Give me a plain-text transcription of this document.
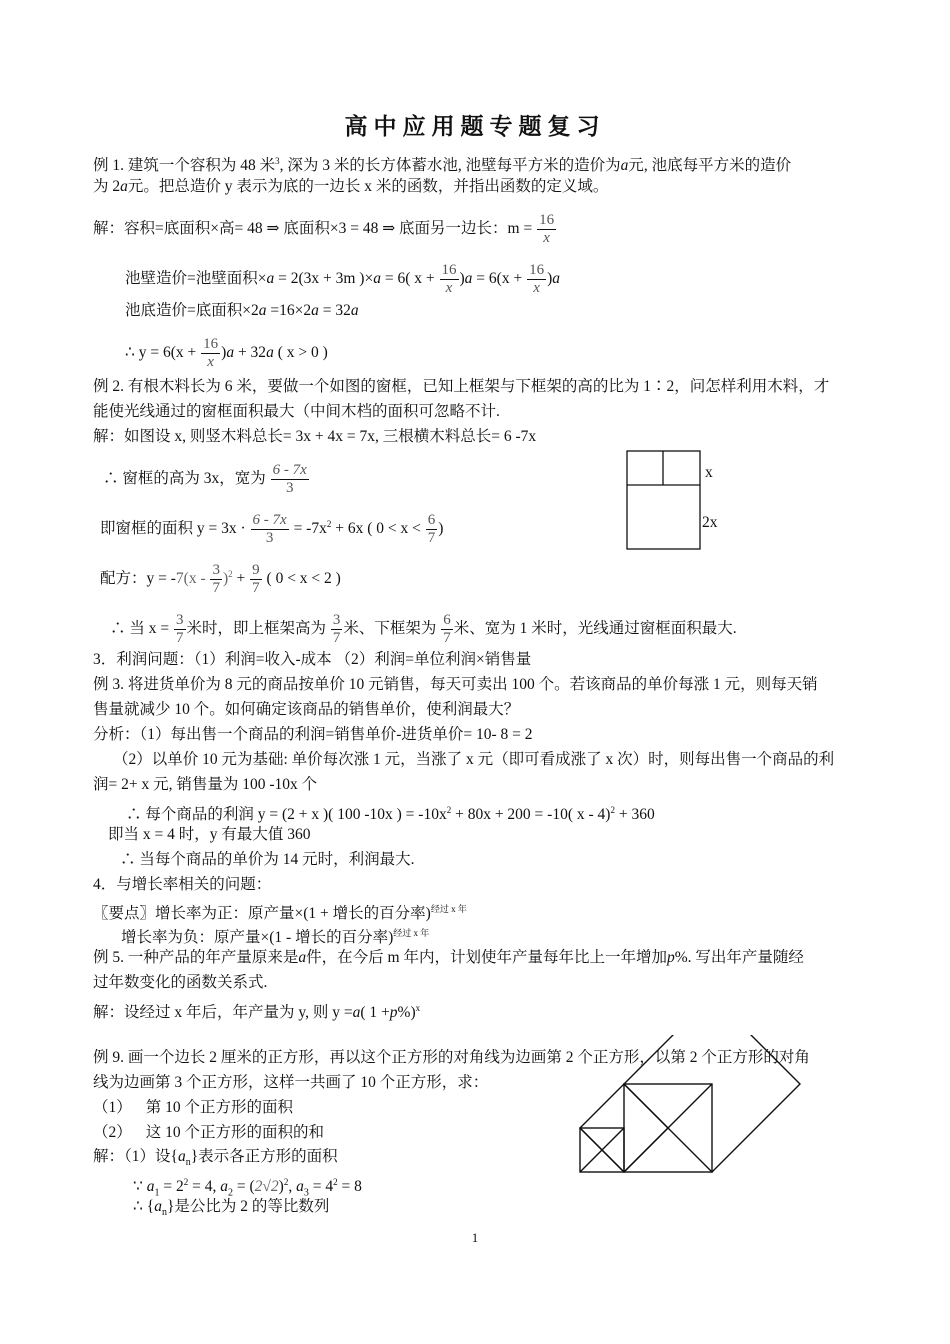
高中应用题专题复习
例 1. 建筑一个容积为 48 米$^3$, 深为 3 米的长方体蓄水池, 池壁每平方米的造价为a元, 池底每平方米的造价
为 2a元。把总造价 y 表示为底的一边长 x 米的函数，并指出函数的定义域。
解：容积=底面积×高= 48 ⇒ 底面积×3 = 48 ⇒ 底面另一边长：$m = \frac{16}{x}$
池壁造价=池壁面积×a = 2(3x + 3m )×a = 6( $x + \frac{16}{x} )a = 6(x + \frac{16}{x} )a$
池底造价=底面积×2a =16×2a = 32a
∴ $y = 6(x + \frac{16}{x} )a + 32a$ ( x > 0 )
例 2. 有根木料长为 6 米，要做一个如图的窗框，已知上框架与下框架的高的比为 1∶2，问怎样利用木料，才
能使光线通过的窗框面积最大（中间木档的面积可忽略不计.
解：如图设 x, 则竖木料总长= 3x + 4x = 7x, 三根横木料总长= 6 -7x
∴ 窗框的高为 3x，宽为 $\frac{6 - 7x}{3}$
即窗框的面积 $y = 3x \cdot \frac{6 - 7x}{3} = -7x^2 + 6x$ ( $0 < x < \frac{6}{7}$ )
配方：$y = -7(x - \frac{3}{7} )^2 + \frac{9}{7}$ ( 0 < x < 2 )
∴ 当 $x = \frac{3}{7}$ 米时，即上框架高为 $\frac{3}{7}$ 米、下框架为 $\frac{6}{7}$ 米、宽为 1 米时，光线通过窗框面积最大.
x
2x
3．利润问题：（1）利润=收入-成本 （2）利润=单位利润×销售量
例 3. 将进货单价为 8 元的商品按单价 10 元销售，每天可卖出 100 个。若该商品的单价每涨 1 元，则每天销
售量就减少 10 个。如何确定该商品的销售单价，使利润最大？
分析：（1）每出售一个商品的利润=销售单价-进货单价= 10- 8 = 2
（2）以单价 10 元为基础: 单价每次涨 1 元，当涨了 x 元（即可看成涨了 x 次）时，则每出售一个商品的利
润= 2+ x 元, 销售量为 100 -10x 个
∴ 每个商品的利润 y = (2 + x )( 100 -10x ) = $-10x^2 + 80x + 200 = -10$( x - 4)$^2$ + 360
即当 x = 4 时，y 有最大值 360
∴ 当每个商品的单价为 14 元时，利润最大.
4．与增长率相关的问题：
〖要点〗增长率为正：原产量×(1 + 增长的百分率)$^{经过 x 年}$
增长率为负：原产量×(1 - 增长的百分率)$^{经过 x 年}$
例 5. 一种产品的年产量原来是a件，在今后 m 年内，计划使年产量每年比上一年增加p%. 写出年产量随经
过年数变化的函数关系式.
解：设经过 x 年后，年产量为 y, 则 y =a( 1 +p%)$^x$
例 9. 画一个边长 2 厘米的正方形，再以这个正方形的对角线为边画第 2 个正方形，以第 2 个正方形的对角
线为边画第 3 个正方形，这样一共画了 10 个正方形，求：
（1） 第 10 个正方形的面积
（2） 这 10 个正方形的面积的和
解：（1）设$\{a_n\}$表示各正方形的面积
∵ $a_1 = 2^2 = 4$, $a_2 = (2√2)^2$, $a_3 = 4^2 = 8$
∴ $\{a_n\}$是公比为 2 的等比数列
1
